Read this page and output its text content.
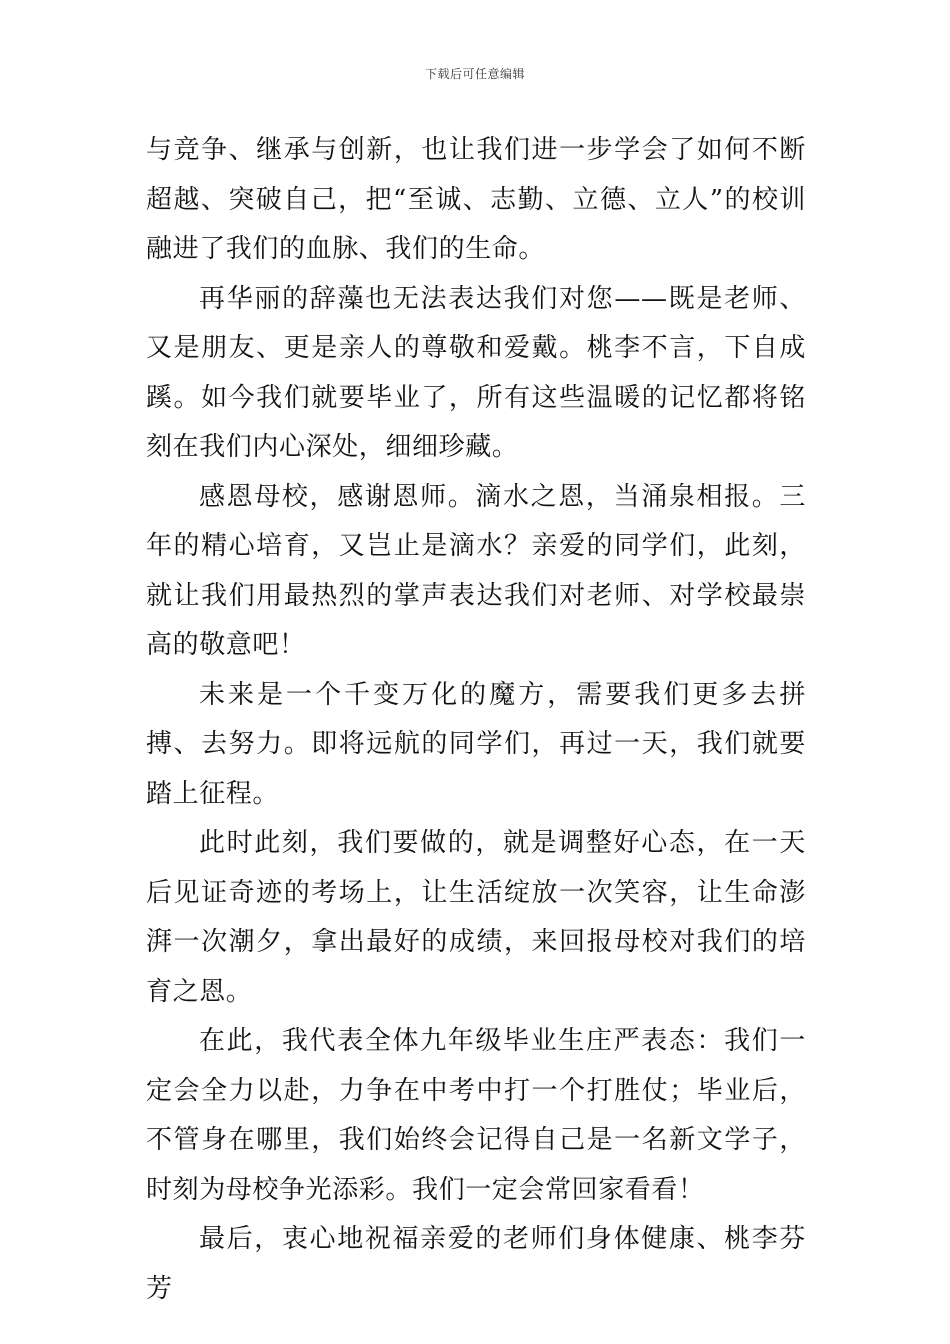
下载后可任意编辑

与竞争、继承与创新，也让我们进一步学会了如何不断超越、突破自己，把“至诚、志勤、立德、立人”的校训融进了我们的血脉、我们的生命。

再华丽的辞藻也无法表达我们对您——既是老师、又是朋友、更是亲人的尊敬和爱戴。桃李不言，下自成蹊。如今我们就要毕业了，所有这些温暖的记忆都将铭刻在我们内心深处，细细珍藏。

感恩母校，感谢恩师。滴水之恩，当涌泉相报。三年的精心培育，又岂止是滴水？亲爱的同学们，此刻，就让我们用最热烈的掌声表达我们对老师、对学校最崇高的敬意吧！

未来是一个千变万化的魔方，需要我们更多去拼搏、去努力。即将远航的同学们，再过一天，我们就要踏上征程。

此时此刻，我们要做的，就是调整好心态，在一天后见证奇迹的考场上，让生活绽放一次笑容，让生命澎湃一次潮夕，拿出最好的成绩，来回报母校对我们的培育之恩。

在此，我代表全体九年级毕业生庄严表态：我们一定会全力以赴，力争在中考中打一个打胜仗；毕业后，不管身在哪里，我们始终会记得自己是一名新文学子，时刻为母校争光添彩。我们一定会常回家看看！

最后，衷心地祝福亲爱的老师们身体健康、桃李芬芳
